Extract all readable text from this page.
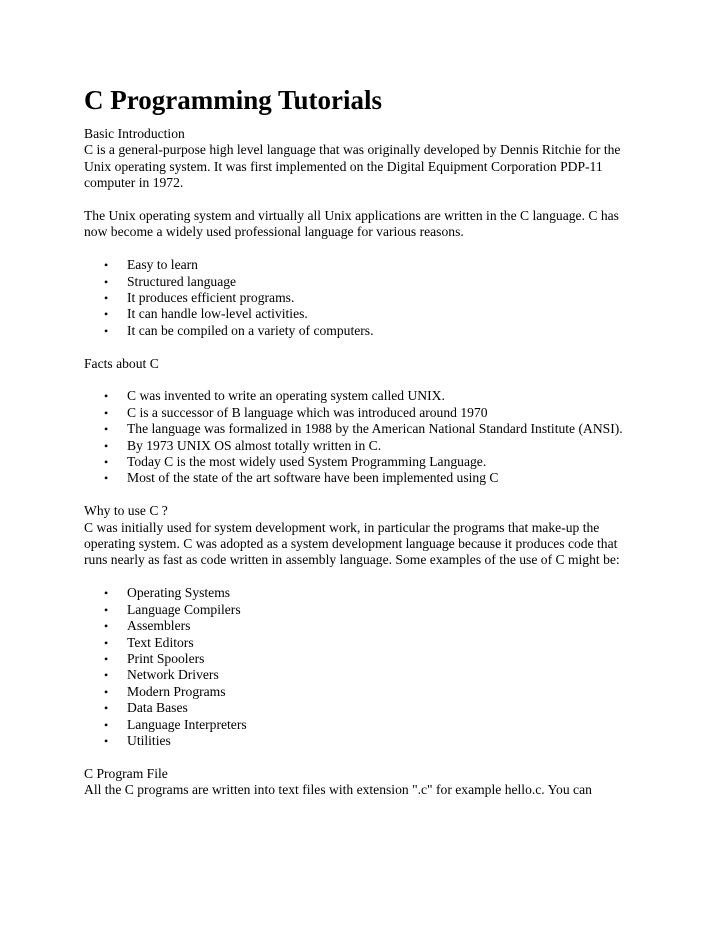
C Programming Tutorials

Basic Introduction

C is a general-purpose high level language that was originally developed by Dennis Ritchie for the Unix operating system. It was first implemented on the Digital Equipment Corporation PDP-11 computer in 1972.

The Unix operating system and virtually all Unix applications are written in the C language. C has now become a widely used professional language for various reasons.

• Easy to learn
• Structured language
• It produces efficient programs.
• It can handle low-level activities.
• It can be compiled on a variety of computers.

Facts about C

• C was invented to write an operating system called UNIX.
• C is a successor of B language which was introduced around 1970
• The language was formalized in 1988 by the American National Standard Institute (ANSI).
• By 1973 UNIX OS almost totally written in C.
• Today C is the most widely used System Programming Language.
• Most of the state of the art software have been implemented using C

Why to use C ?

C was initially used for system development work, in particular the programs that make-up the operating system. C was adopted as a system development language because it produces code that runs nearly as fast as code written in assembly language. Some examples of the use of C might be:

• Operating Systems
• Language Compilers
• Assemblers
• Text Editors
• Print Spoolers
• Network Drivers
• Modern Programs
• Data Bases
• Language Interpreters
• Utilities

C Program File

All the C programs are written into text files with extension ".c" for example hello.c. You can
